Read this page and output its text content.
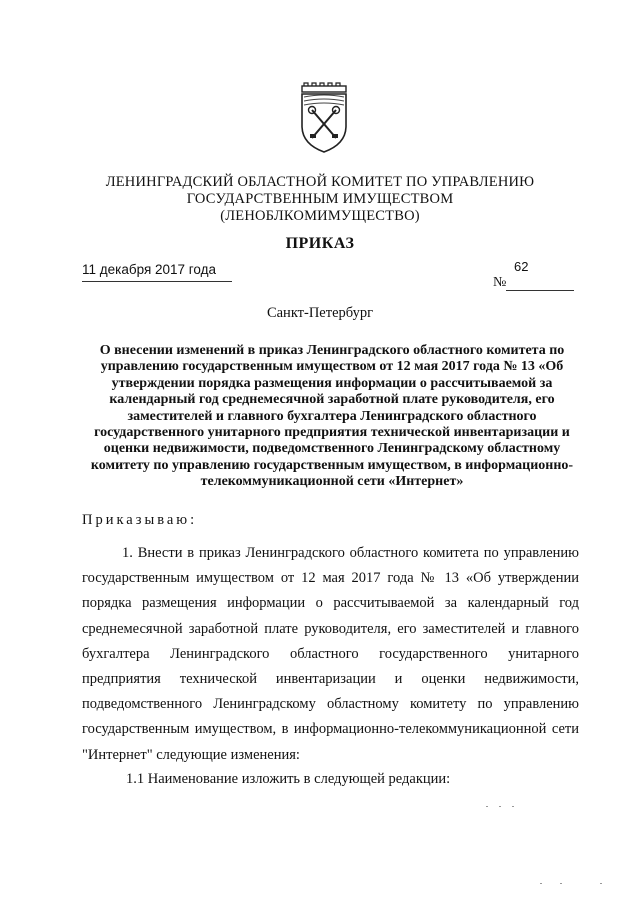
ЛЕНИНГРАДСКИЙ ОБЛАСТНОЙ КОМИТЕТ ПО УПРАВЛЕНИЮ
ГОСУДАРСТВЕННЫМ ИМУЩЕСТВОМ
(ЛЕНОБЛКОМИМУЩЕСТВО)
ПРИКАЗ
11 декабря 2017 года
№
62
Санкт-Петербург
О внесении изменений в приказ Ленинградского областного комитета по управлению государственным имуществом от 12 мая 2017 года № 13 «Об утверждении порядка размещения информации о рассчитываемой за календарный год среднемесячной заработной плате руководителя, его заместителей и главного бухгалтера Ленинградского областного государственного унитарного предприятия технической инвентаризации и оценки недвижимости, подведомственного Ленинградскому областному комитету по управлению государственным имуществом, в информационно-телекоммуникационной сети «Интернет»
Приказываю:
1. Внести в приказ Ленинградского областного комитета по управлению государственным имуществом от 12 мая 2017 года № 13 «Об утверждении порядка размещения информации о рассчитываемой за календарный год среднемесячной заработной плате руководителя, его заместителей и главного бухгалтера Ленинградского областного государственного унитарного предприятия технической инвентаризации и оценки недвижимости, подведомственного Ленинградскому областному комитету по управлению государственным имуществом, в информационно-телекоммуникационной сети "Интернет" следующие изменения:
1.1 Наименование изложить в следующей редакции:
